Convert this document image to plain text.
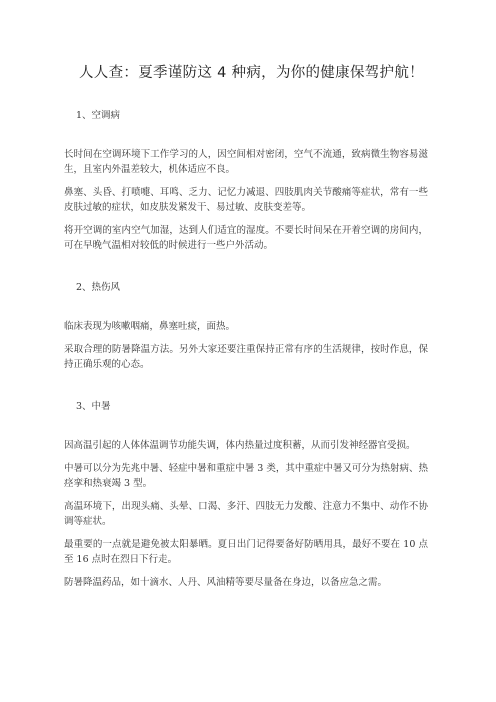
人人查：夏季谨防这 4 种病，为你的健康保驾护航！
1、空调病

长时间在空调环境下工作学习的人，因空间相对密闭，空气不流通，致病微生物容易滋生，且室内外温差较大，机体适应不良。

鼻塞、头昏、打喷嚏、耳鸣、乏力、记忆力减退、四肢肌肉关节酸痛等症状，常有一些皮肤过敏的症状，如皮肤发紧发干、易过敏、皮肤变差等。

将开空调的室内空气加湿，达到人们适宜的湿度。不要长时间呆在开着空调的房间内，可在早晚气温相对较低的时候进行一些户外活动。

2、热伤风

临床表现为咳嗽咽痛，鼻塞吐痰，面热。

采取合理的防暑降温方法。另外大家还要注重保持正常有序的生活规律，按时作息，保持正确乐观的心态。

3、中暑

因高温引起的人体体温调节功能失调，体内热量过度积蓄，从而引发神经器官受损。

中暑可以分为先兆中暑、轻症中暑和重症中暑 3 类，其中重症中暑又可分为热射病、热痉挛和热衰竭 3 型。

高温环境下，出现头痛、头晕、口渴、多汗、四肢无力发酸、注意力不集中、动作不协调等症状。

最重要的一点就是避免被太阳暴晒。夏日出门记得要备好防晒用具，最好不要在 10 点至 16 点时在烈日下行走。

防暑降温药品，如十滴水、人丹、风油精等要尽量备在身边，以备应急之需。
